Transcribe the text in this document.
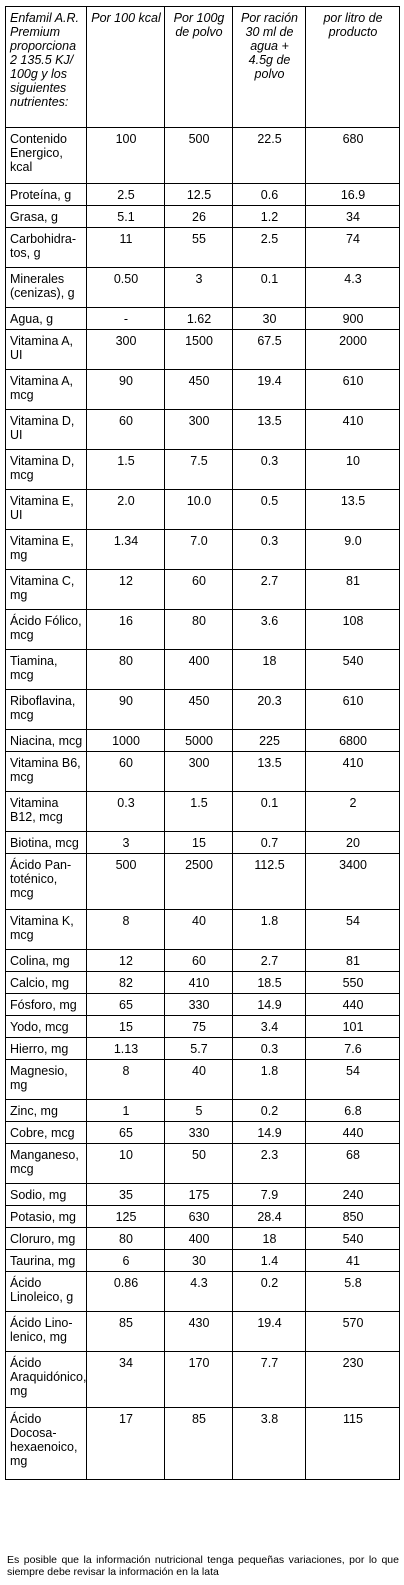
Enfamil A.R. Premium proporciona 2 135.5 KJ/ 100g y los siguientes nutrientes:	Por 100 kcal	Por 100g de polvo	Por ración 30 ml de agua + 4.5g de polvo	por litro de producto
Contenido Energico, kcal	100	500	22.5	680
Proteína, g	2.5	12.5	0.6	16.9
Grasa, g	5.1	26	1.2	34
Carbohidra-tos, g	11	55	2.5	74
Minerales (cenizas), g	0.50	3	0.1	4.3
Agua, g	-	1.62	30	900
Vitamina A, UI	300	1500	67.5	2000
Vitamina A, mcg	90	450	19.4	610
Vitamina D, UI	60	300	13.5	410
Vitamina D, mcg	1.5	7.5	0.3	10
Vitamina E, UI	2.0	10.0	0.5	13.5
Vitamina E, mg	1.34	7.0	0.3	9.0
Vitamina C, mg	12	60	2.7	81
Ácido Fólico, mcg	16	80	3.6	108
Tiamina, mcg	80	400	18	540
Riboflavina, mcg	90	450	20.3	610
Niacina, mcg	1000	5000	225	6800
Vitamina B6, mcg	60	300	13.5	410
Vitamina B12, mcg	0.3	1.5	0.1	2
Biotina, mcg	3	15	0.7	20
Ácido Pan-toténico, mcg	500	2500	112.5	3400
Vitamina K, mcg	8	40	1.8	54
Colina, mg	12	60	2.7	81
Calcio, mg	82	410	18.5	550
Fósforo, mg	65	330	14.9	440
Yodo, mcg	15	75	3.4	101
Hierro, mg	1.13	5.7	0.3	7.6
Magnesio, mg	8	40	1.8	54
Zinc, mg	1	5	0.2	6.8
Cobre, mcg	65	330	14.9	440
Manganeso, mcg	10	50	2.3	68
Sodio, mg	35	175	7.9	240
Potasio, mg	125	630	28.4	850
Cloruro, mg	80	400	18	540
Taurina, mg	6	30	1.4	41
Ácido Linoleico, g	0.86	4.3	0.2	5.8
Ácido Lino-lenico, mg	85	430	19.4	570
Ácido Araquidónico, mg	34	170	7.7	230
Ácido Docosa-hexaenoico, mg	17	85	3.8	115
Es posible que la información nutricional tenga pequeñas variaciones, por lo que siempre debe revisar la información en la lata
